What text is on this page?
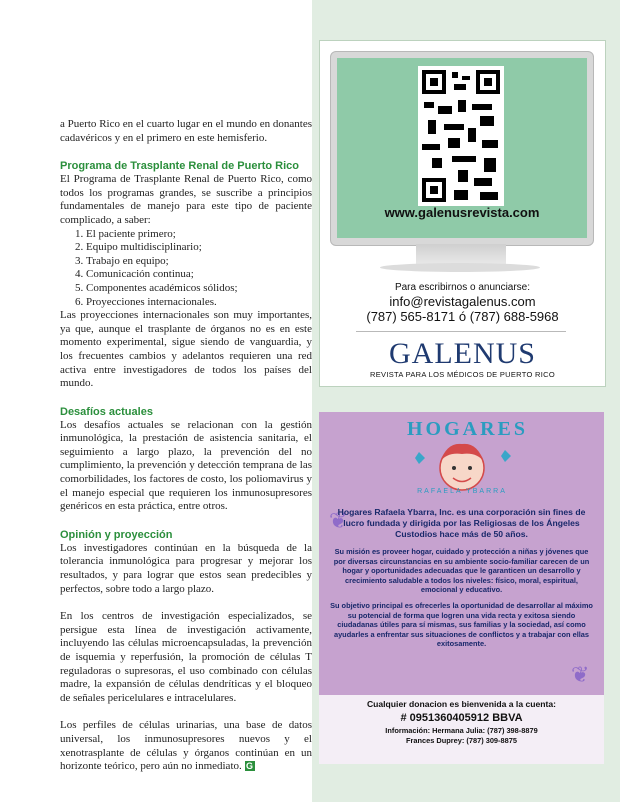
a Puerto Rico en el cuarto lugar en el mundo en donantes cadavéricos y en el primero en este hemisferio.

Programa de Trasplante Renal de Puerto Rico

El Programa de Trasplante Renal de Puerto Rico, como todos los programas grandes, se suscribe a principios fundamentales de manejo para este tipo de paciente complicado, a saber:

1. El paciente primero;
2. Equipo multidisciplinario;
3. Trabajo en equipo;
4. Comunicación continua;
5. Componentes académicos sólidos;
6. Proyecciones internacionales.

Las proyecciones internacionales son muy importantes, ya que, aunque el trasplante de órganos no es en este momento experimental, sigue siendo de vanguardia, y los frecuentes cambios y adelantos requieren una red activa entre investigadores de todos los países del mundo.

Desafíos actuales

Los desafíos actuales se relacionan con la gestión inmunológica, la prestación de asistencia sanitaria, el seguimiento a largo plazo, la prevención del no cumplimiento, la prevención y detección temprana de las comorbilidades, los factores de costo, los poliomavirus y el manejo especial que requieren los inmunosupresores genéricos en esta práctica, entre otros.

Opinión y proyección

Los investigadores continúan en la búsqueda de la tolerancia inmunológica para progresar y mejorar los resultados, y para lograr que estos sean predecibles y perfectos, sobre todo a largo plazo.

En los centros de investigación especializados, se persigue esta línea de investigación activamente, incluyendo las células microencapsuladas, la prevención de isquemia y reperfusión, la promoción de células T reguladoras o supresoras, el uso combinado con células madre, la expansión de células dendríticas y el bloqueo de señales pericelulares e intracelulares.

Los perfiles de células urinarias, una base de datos universal, los inmunosupresores nuevos y el xenotrasplante de células y órganos continúan en un horizonte teórico, pero aún no inmediato. G

www.galenusrevista.com
Para escribirnos o anunciarse:
info@revistagalenus.com
(787) 565-8171 ó (787) 688-5968
GALENUS
REVISTA PARA LOS MÉDICOS DE PUERTO RICO
HOGARES
RAFAELA YBARRA
❦
❦
Hogares Rafaela Ybarra, Inc. es una corporación sin fines de lucro fundada y dirigida por las Religiosas de los Ángeles Custodios hace más de 50 años.
Su misión es proveer hogar, cuidado y protección a niñas y jóvenes que por diversas circunstancias en su ambiente socio-familiar carecen de un hogar y oportunidades adecuadas que le garanticen un desarrollo y crecimiento saludable a todos los niveles: físico, moral, espiritual, emocional y educativo.
Su objetivo principal es ofrecerles la oportunidad de desarrollar al máximo su potencial de forma que logren una vida recta y exitosa siendo ciudadanas útiles para sí mismas, sus familias y la sociedad, así como ayudarles a enfrentar sus situaciones de conflictos y a trabajar con ellas exitosamente.
Cualquier donacion es bienvenida a la cuenta:
# 0951360405912 BBVA
Información: Hermana Julia: (787) 398-8879
Frances Duprey: (787) 309-8875
